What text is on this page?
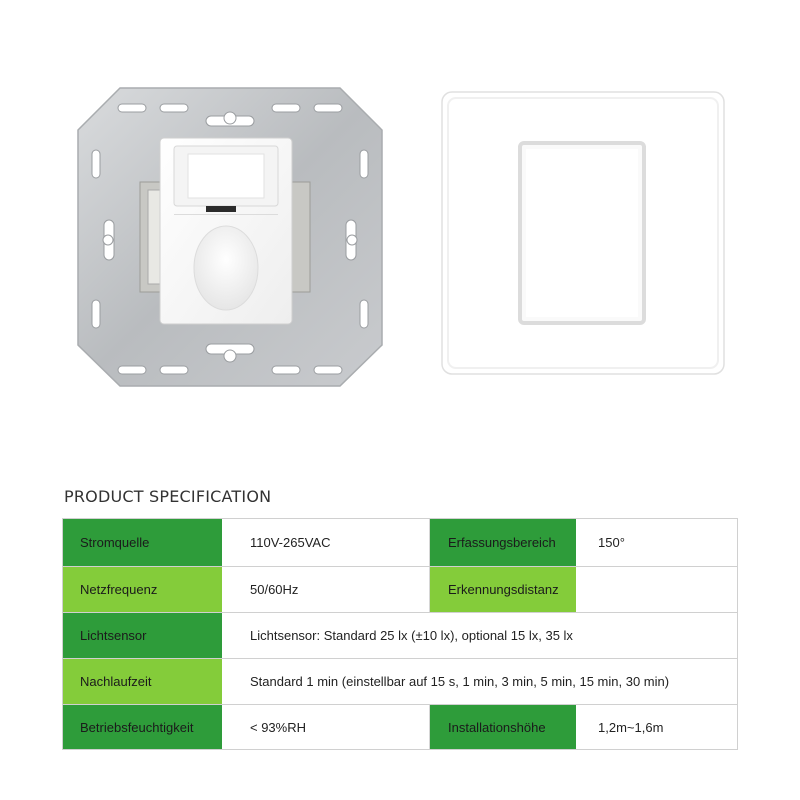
PRODUCT SPECIFICATION
Stromquelle	110V-265VAC	Erfassungsbereich	150°
Netzfrequenz	50/60Hz	Erkennungsdistanz
Lichtsensor	Lichtsensor: Standard 25 lx (±10 lx), optional 15 lx, 35 lx
Nachlaufzeit	Standard 1 min (einstellbar auf 15 s, 1 min, 3 min, 5 min, 15 min, 30 min)
Betriebsfeuchtigkeit	< 93%RH	Installationshöhe	1,2m~1,6m
